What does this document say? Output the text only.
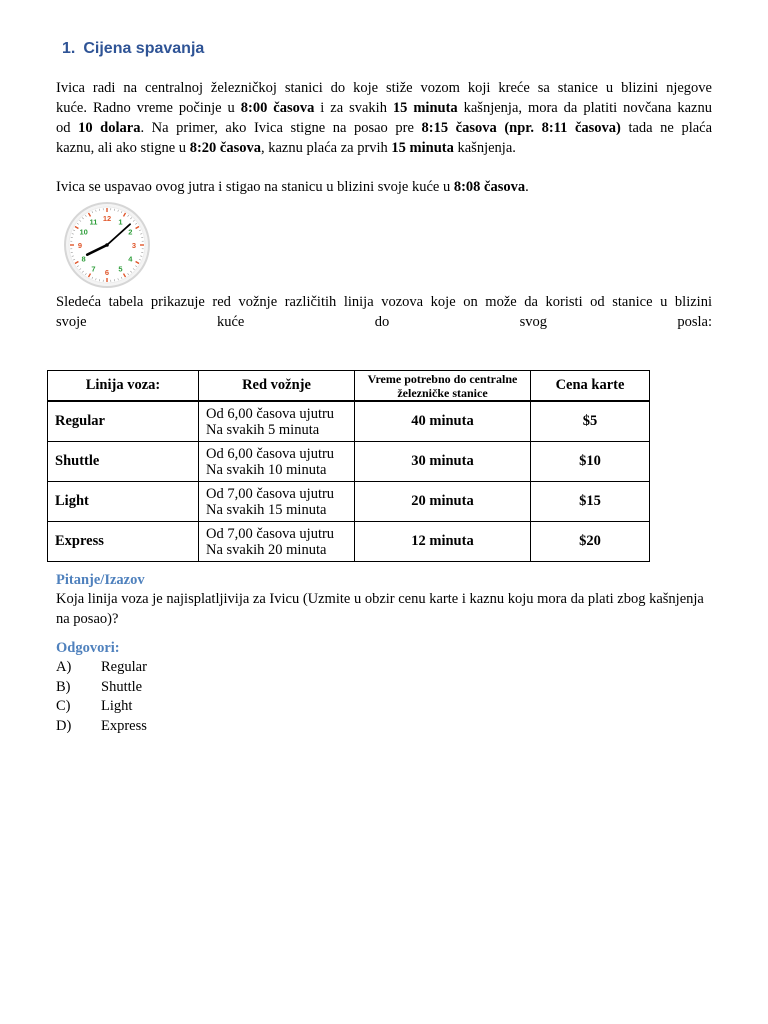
1. Cijena spavanja
Ivica radi na centralnoj železničkoj stanici do koje stiže vozom koji kreće sa stanice u blizini njegove
kuće. Radno vreme počinje u 8:00 časova i za svakih 15 minuta kašnjenja, mora da platiti novčana kaznu
od 10 dolara. Na primer, ako Ivica stigne na posao pre 8:15 časova (npr. 8:11 časova) tada ne plaća
kaznu, ali ako stigne u 8:20 časova, kaznu plaća za prvih 15 minuta kašnjenja.
Ivica se uspavao ovog jutra i stigao na stanicu u blizini svoje kuće u 8:08 časova.
12 1
2
3
4
5
6
7
8
9
10
11
Sledeća tabela prikazuje red vožnje različitih linija vozova koje on može da koristi od stanice u blizini
svoje kuće do svog posla:
Linija voza:	Red vožnje	Vreme potrebno do centralne železničke stanice	Cena karte
Regular	Od 6,00 časova ujutru
Na svakih 5 minuta	40 minuta	$5
Shuttle	Od 6,00 časova ujutru
Na svakih 10 minuta	30 minuta	$10
Light	Od 7,00 časova ujutru
Na svakih 15 minuta	20 minuta	$15
Express	Od 7,00 časova ujutru
Na svakih 20 minuta	12 minuta	$20
Pitanje/Izazov
Koja linija voza je najisplatljivija za Ivicu (Uzmite u obzir cenu karte i kaznu koju mora da plati zbog kašnjenja na posao)?
Odgovori:
A) Regular
B) Shuttle
C) Light
D) Express
